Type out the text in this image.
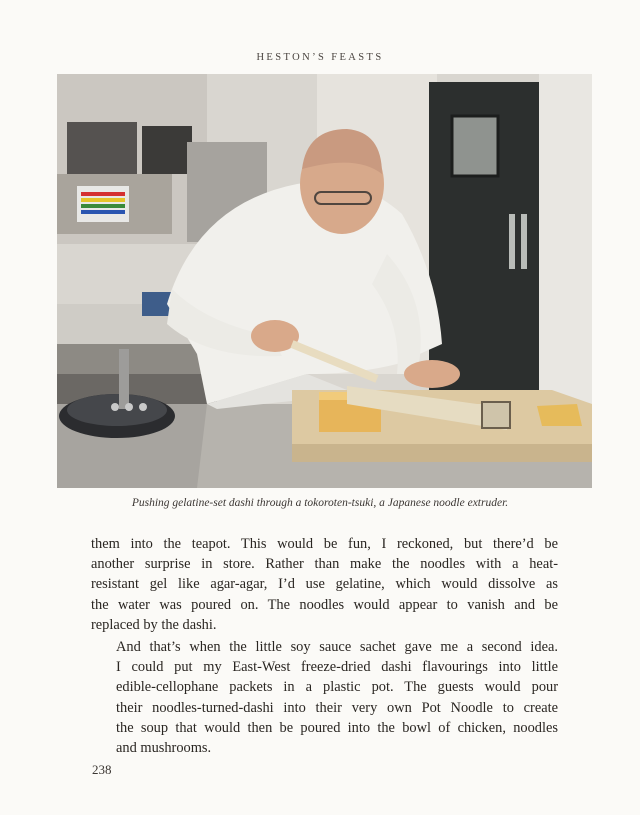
HESTON’S FEASTS
Pushing gelatine-set dashi through a tokoroten-tsuki, a Japanese noodle extruder.

them into the teapot. This would be fun, I reckoned, but there’d be
another surprise in store. Rather than make the noodles with a heat-
resistant gel like agar-agar, I’d use gelatine, which would dissolve as
the water was poured on. The noodles would appear to vanish and be
replaced by the dashi.

And that’s when the little soy sauce sachet gave me a second idea.
I could put my East-West freeze-dried dashi flavourings into little
edible-cellophane packets in a plastic pot. The guests would pour
their noodles-turned-dashi into their very own Pot Noodle to create
the soup that would then be poured into the bowl of chicken, noodles
and mushrooms.

238
